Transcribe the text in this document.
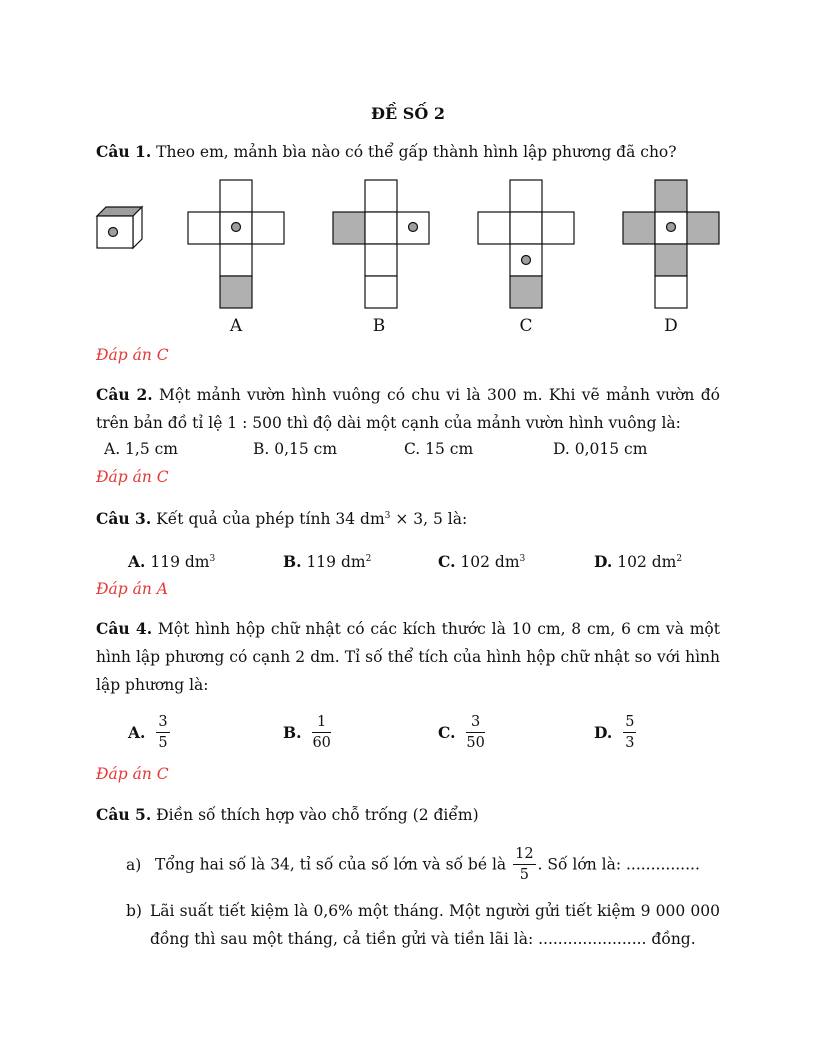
ĐỀ SỐ 2
Câu 1. Theo em, mảnh bìa nào có thể gấp thành hình lập phương đã cho?
A	B	C	D
Đáp án C
Câu 2. Một mảnh vườn hình vuông có chu vi là 300 m. Khi vẽ mảnh vườn đó trên bản đồ tỉ lệ 1 : 500 thì độ dài một cạnh của mảnh vườn hình vuông là:
A. 1,5 cm	B. 0,15 cm	C. 15 cm	D. 0,015 cm
Đáp án C
Câu 3. Kết quả của phép tính 34 $dm^3 \times 3$, 5 là:
A. 119 $dm^3$	B. 119 $dm^2$	C. 102 $dm^3$	D. 102 $dm^2$
Đáp án A
Câu 4. Một hình hộp chữ nhật có các kích thước là 10 cm, 8 cm, 6 cm và một hình lập phương có cạnh 2 dm. Tỉ số thể tích của hình hộp chữ nhật so với hình lập phương là:
A. $\frac{3}{5}$	B. $\frac{1}{60}$	C. $\frac{3}{50}$	D. $\frac{5}{3}$
Đáp án C
Câu 5. Điền số thích hợp vào chỗ trống (2 điểm)
a) Tổng hai số là 34, tỉ số của số lớn và số bé là $\frac{12}{5}$ . Số lớn là: ...............
b) Lãi suất tiết kiệm là 0,6% một tháng. Một người gửi tiết kiệm 9 000 000 đồng thì sau một tháng, cả tiền gửi và tiền lãi là: ...................... đồng.
